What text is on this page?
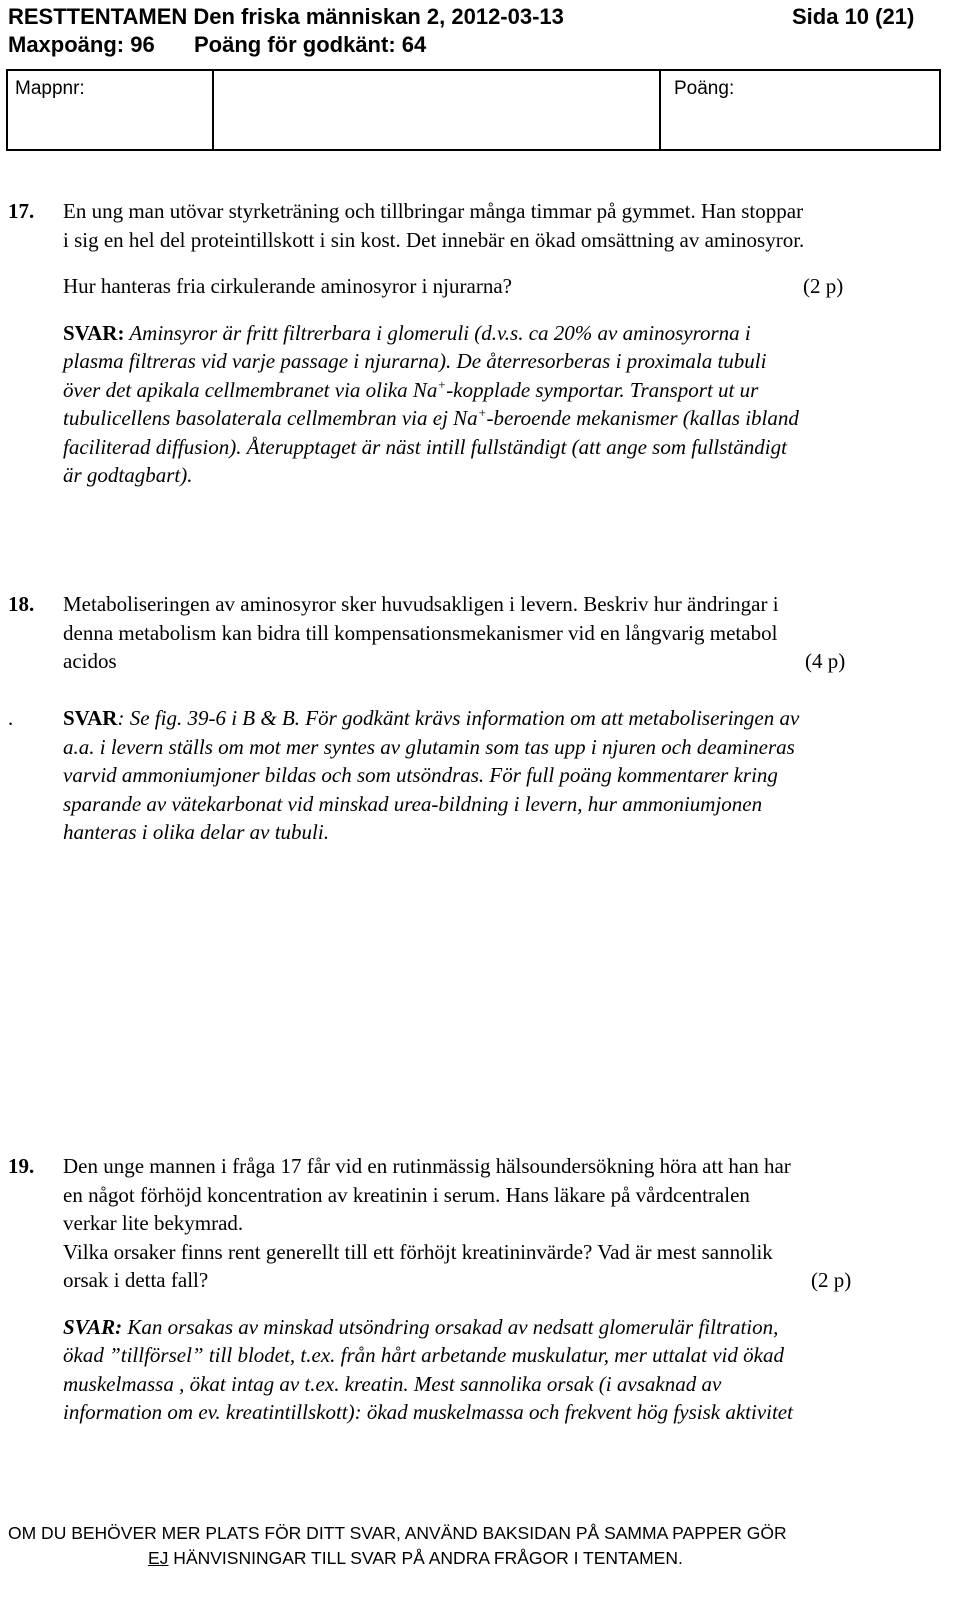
RESTTENTAMEN Den friska människan 2, 2012-03-13	Sida 10 (21)
Maxpoäng: 96 Poäng för godkänt: 64
Mappnr:	Poäng:
17. En ung man utövar styrketräning och tillbringar många timmar på gymmet. Han stoppar
i sig en hel del proteintillskott i sin kost. Det innebär en ökad omsättning av aminosyror.
Hur hanteras fria cirkulerande aminosyror i njurarna?	(2 p)
SVAR: Aminsyror är fritt filtrerbara i glomeruli (d.v.s. ca 20% av aminosyrorna i
plasma filtreras vid varje passage i njurarna). De återresorberas i proximala tubuli
över det apikala cellmembranet via olika Na+-kopplade symportar. Transport ut ur
tubulicellens basolaterala cellmembran via ej Na+-beroende mekanismer (kallas ibland
faciliterad diffusion). Återupptaget är näst intill fullständigt (att ange som fullständigt
är godtagbart).
18. Metaboliseringen av aminosyror sker huvudsakligen i levern. Beskriv hur ändringar i
denna metabolism kan bidra till kompensationsmekanismer vid en långvarig metabol
acidos	(4 p)
. SVAR: Se fig. 39-6 i B & B. För godkänt krävs information om att metaboliseringen av
a.a. i levern ställs om mot mer syntes av glutamin som tas upp i njuren och deamineras
varvid ammoniumjoner bildas och som utsöndras. För full poäng kommentarer kring
sparande av vätekarbonat vid minskad urea-bildning i levern, hur ammoniumjonen
hanteras i olika delar av tubuli.
19. Den unge mannen i fråga 17 får vid en rutinmässig hälsoundersökning höra att han har
en något förhöjd koncentration av kreatinin i serum. Hans läkare på vårdcentralen
verkar lite bekymrad.
Vilka orsaker finns rent generellt till ett förhöjt kreatininvärde? Vad är mest sannolik
orsak i detta fall?	(2 p)
SVAR: Kan orsakas av minskad utsöndring orsakad av nedsatt glomerulär filtration,
ökad ”tillförsel” till blodet, t.ex. från hårt arbetande muskulatur, mer uttalat vid ökad
muskelmassa , ökat intag av t.ex. kreatin. Mest sannolika orsak (i avsaknad av
information om ev. kreatintillskott): ökad muskelmassa och frekvent hög fysisk aktivitet
OM DU BEHÖVER MER PLATS FÖR DITT SVAR, ANVÄND BAKSIDAN PÅ SAMMA PAPPER GÖR
EJ HÄNVISNINGAR TILL SVAR PÅ ANDRA FRÅGOR I TENTAMEN.
